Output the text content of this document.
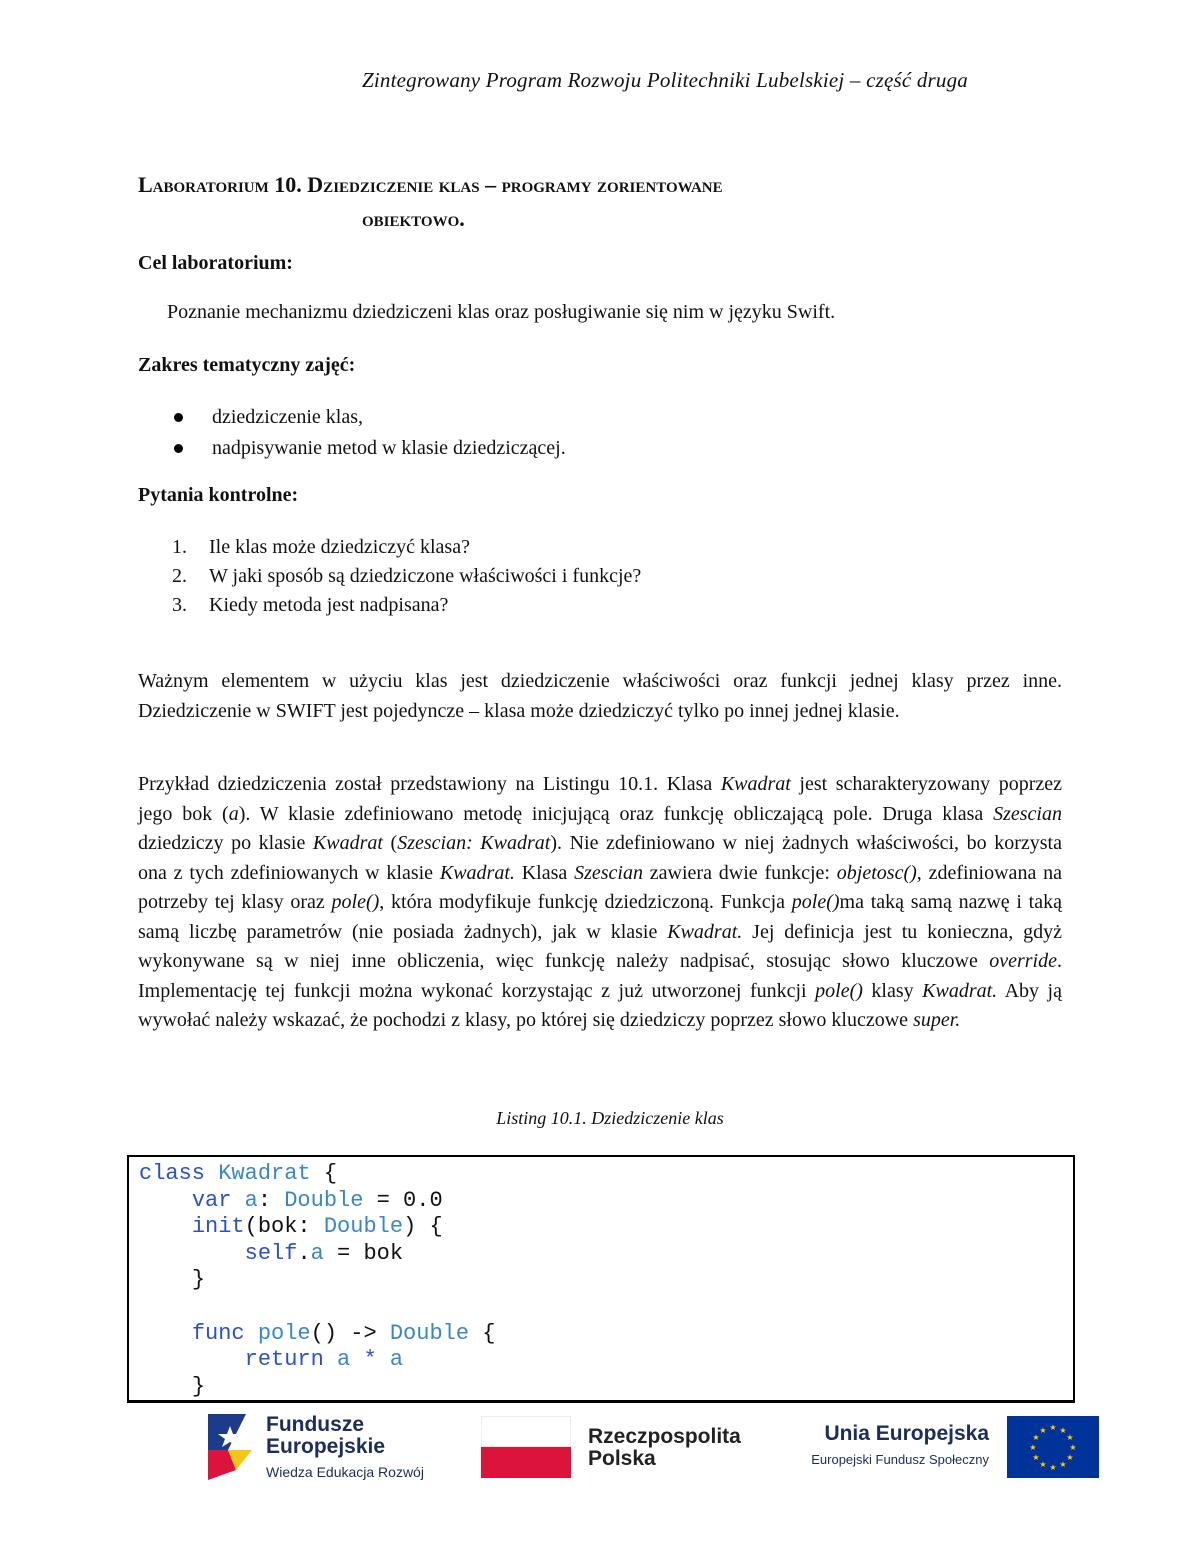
Zintegrowany Program Rozwoju Politechniki Lubelskiej – część druga
Laboratorium 10. Dziedziczenie klas – programy zorientowane
obiektowo.
Cel laboratorium:
Poznanie mechanizmu dziedziczeni klas oraz posługiwanie się nim w języku Swift.
Zakres tematyczny zajęć:
dziedziczenie klas,
nadpisywanie metod w klasie dziedziczącej.
Pytania kontrolne:
1.	Ile klas może dziedziczyć klasa?
2.	W jaki sposób są dziedziczone właściwości i funkcje?
3.	Kiedy metoda jest nadpisana?
Ważnym elementem w użyciu klas jest dziedziczenie właściwości oraz funkcji jednej klasy przez inne. Dziedziczenie w SWIFT jest pojedyncze – klasa może dziedziczyć tylko po innej jednej klasie.
Przykład dziedziczenia został przedstawiony na Listingu 10.1. Klasa Kwadrat jest scharakteryzowany poprzez jego bok (a). W klasie zdefiniowano metodę inicjującą oraz funkcję obliczającą pole. Druga klasa Szescian dziedziczy po klasie Kwadrat (Szescian: Kwadrat). Nie zdefiniowano w niej żadnych właściwości, bo korzysta ona z tych zdefiniowanych w klasie Kwadrat. Klasa Szescian zawiera dwie funkcje: objetosc(), zdefiniowana na potrzeby tej klasy oraz pole(), która modyfikuje funkcję dziedziczoną. Funkcja pole()ma taką samą nazwę i taką samą liczbę parametrów (nie posiada żadnych), jak w klasie Kwadrat. Jej definicja jest tu konieczna, gdyż wykonywane są w niej inne obliczenia, więc funkcję należy nadpisać, stosując słowo kluczowe override. Implementację tej funkcji można wykonać korzystając z już utworzonej funkcji pole() klasy Kwadrat. Aby ją wywołać należy wskazać, że pochodzi z klasy, po której się dziedziczy poprzez słowo kluczowe super.
Listing 10.1. Dziedziczenie klas
class Kwadrat {
var a: Double = 0.0
init(bok: Double) {
self.a = bok
}

func pole() -> Double {
return a * a
}
Fundusze
Europejskie
Wiedza Edukacja Rozwój
Rzeczpospolita
Polska
Unia Europejska
Europejski Fundusz Społeczny
★ ★
★
★
★
★
★
★
★
★
★
★
